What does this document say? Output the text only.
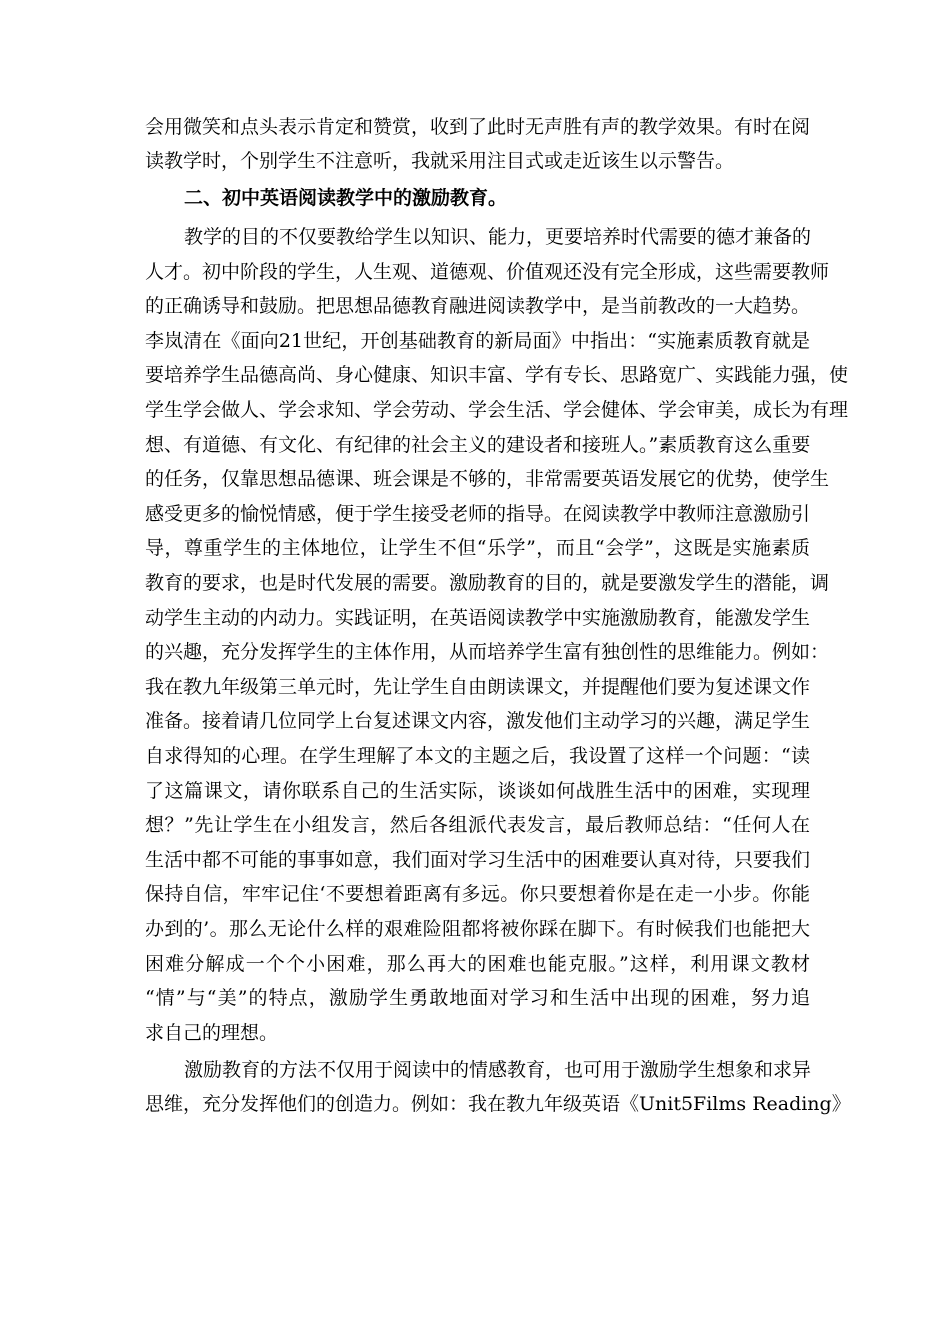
会用微笑和点头表示肯定和赞赏，收到了此时无声胜有声的教学效果。有时在阅
读教学时，个别学生不注意听，我就采用注目式或走近该生以示警告。
二、初中英语阅读教学中的激励教育。
教学的目的不仅要教给学生以知识、能力，更要培养时代需要的德才兼备的
人才。初中阶段的学生，人生观、道德观、价值观还没有完全形成，这些需要教师
的正确诱导和鼓励。把思想品德教育融进阅读教学中，是当前教改的一大趋势。
李岚清在《面向21世纪，开创基础教育的新局面》中指出：“实施素质教育就是
要培养学生品德高尚、身心健康、知识丰富、学有专长、思路宽广、实践能力强，使
学生学会做人、学会求知、学会劳动、学会生活、学会健体、学会审美，成长为有理
想、有道德、有文化、有纪律的社会主义的建设者和接班人。”素质教育这么重要
的任务，仅靠思想品德课、班会课是不够的，非常需要英语发展它的优势，使学生
感受更多的愉悦情感，便于学生接受老师的指导。在阅读教学中教师注意激励引
导，尊重学生的主体地位，让学生不但“乐学”，而且“会学”，这既是实施素质
教育的要求，也是时代发展的需要。激励教育的目的，就是要激发学生的潜能，调
动学生主动的内动力。实践证明，在英语阅读教学中实施激励教育，能激发学生
的兴趣，充分发挥学生的主体作用，从而培养学生富有独创性的思维能力。例如：
我在教九年级第三单元时，先让学生自由朗读课文，并提醒他们要为复述课文作
准备。接着请几位同学上台复述课文内容，激发他们主动学习的兴趣，满足学生
自求得知的心理。在学生理解了本文的主题之后，我设置了这样一个问题：“读
了这篇课文，请你联系自己的生活实际，谈谈如何战胜生活中的困难，实现理
想？”先让学生在小组发言，然后各组派代表发言，最后教师总结：“任何人在
生活中都不可能的事事如意，我们面对学习生活中的困难要认真对待，只要我们
保持自信，牢牢记住‘不要想着距离有多远。你只要想着你是在走一小步。你能
办到的’。那么无论什么样的艰难险阻都将被你踩在脚下。有时候我们也能把大
困难分解成一个个小困难，那么再大的困难也能克服。”这样，利用课文教材
“情”与“美”的特点，激励学生勇敢地面对学习和生活中出现的困难，努力追
求自己的理想。
激励教育的方法不仅用于阅读中的情感教育，也可用于激励学生想象和求异
思维，充分发挥他们的创造力。例如：我在教九年级英语《Unit5Films Reading》
